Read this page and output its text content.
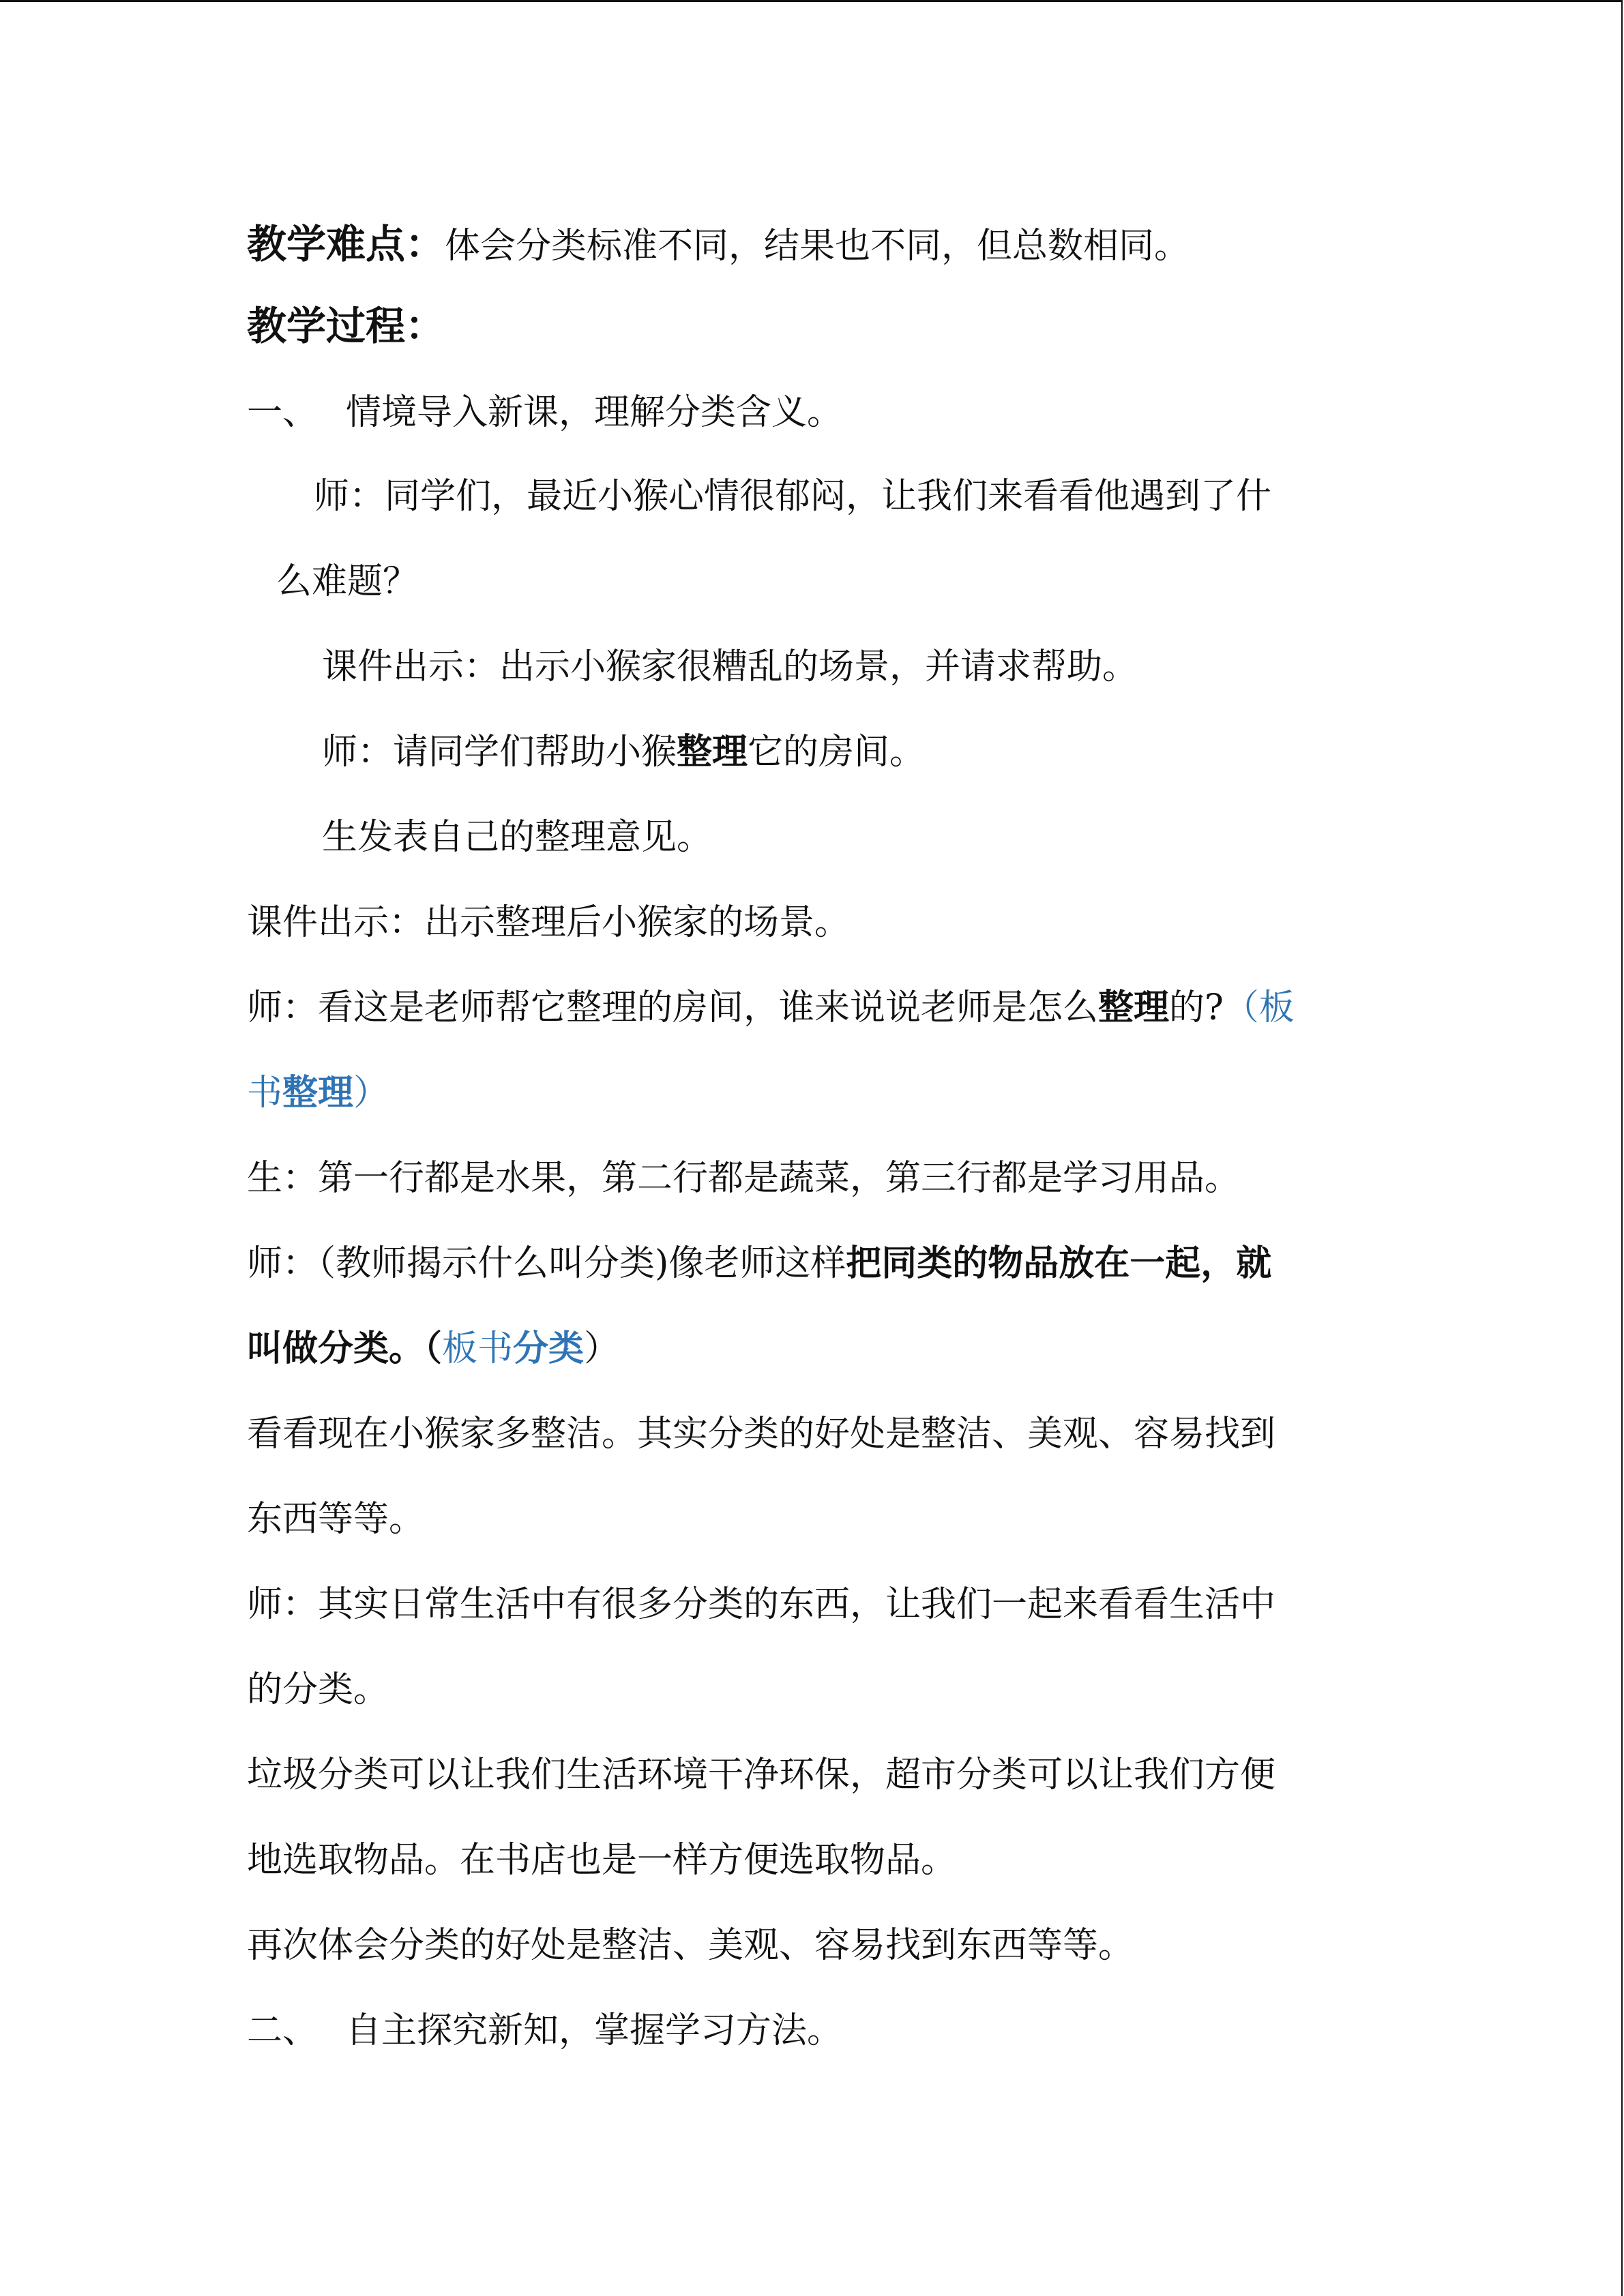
教学难点：体会分类标准不同，结果也不同，但总数相同。
教学过程：
一、 情境导入新课，理解分类含义。
师：同学们，最近小猴心情很郁闷，让我们来看看他遇到了什
么难题？
课件出示：出示小猴家很糟乱的场景，并请求帮助。
师：请同学们帮助小猴整理它的房间。
生发表自己的整理意见。
课件出示：出示整理后小猴家的场景。
师：看这是老师帮它整理的房间，谁来说说老师是怎么整理的?（板
书整理）
生：第一行都是水果，第二行都是蔬菜，第三行都是学习用品。
师：（教师揭示什么叫分类)像老师这样把同类的物品放在一起，就
叫做分类。（板书分类）
看看现在小猴家多整洁。其实分类的好处是整洁、美观、容易找到
东西等等。
师：其实日常生活中有很多分类的东西，让我们一起来看看生活中
的分类。
垃圾分类可以让我们生活环境干净环保，超市分类可以让我们方便
地选取物品。在书店也是一样方便选取物品。
再次体会分类的好处是整洁、美观、容易找到东西等等。
二、 自主探究新知，掌握学习方法。
